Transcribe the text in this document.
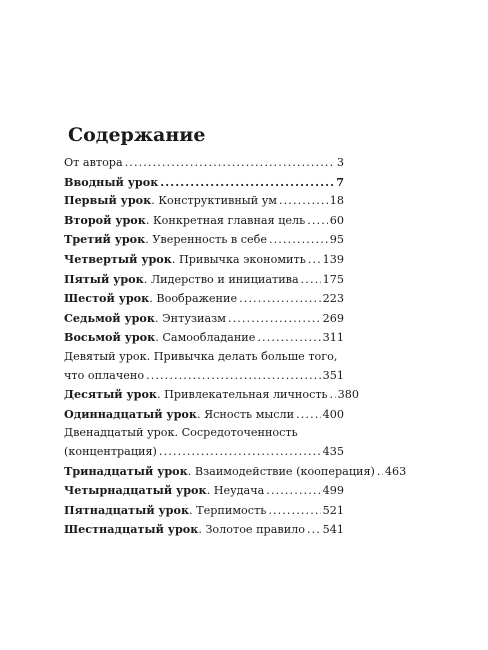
Содержание
От автора .....	3
Вводный урок .....	7
Первый урок. Конструктивный ум .....	18
Второй урок. Конкретная главная цель ..... 60
Третий урок. Уверенность в себе .....	95
Четвертый урок. Привычка экономить ..... 139
Пятый урок. Лидерство и инициатива ..... 175
Шестой урок. Воображение .....	223
Седьмой урок. Энтузиазм .....	269
Восьмой урок. Самообладание .....	311
Девятый урок. Привычка делать больше того,
что оплачено .....	351
Десятый урок. Привлекательная личность ..... 380
Одиннадцатый урок. Ясность мысли .....	400
Двенадцатый урок. Сосредоточенность
(концентрация) .....	435
Тринадцатый урок. Взаимодействие (кооперация) ..... 463
Четырнадцатый урок. Неудача .....	499
Пятнадцатый урок. Терпимость .....	521
Шестнадцатый урок. Золотое правило ..... 541
